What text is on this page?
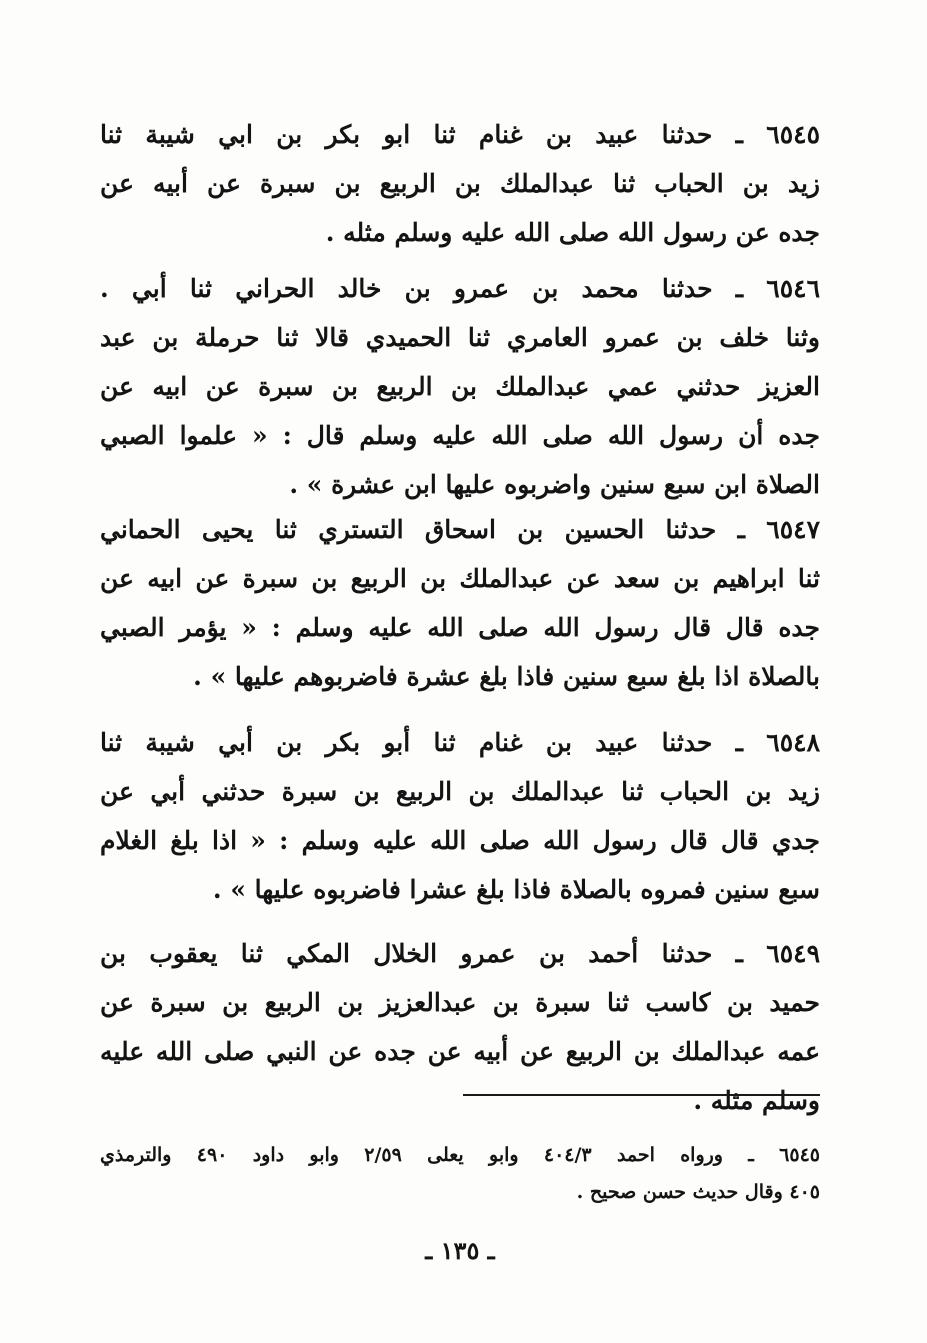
٦٥٤٥ ـ حدثنا عبيد بن غنام ثنا ابو بكر بن ابي شيبة ثنا
زيد بن الحباب ثنا عبدالملك بن الربيع بن سبرة عن أبيه عن
جده عن رسول الله صلى الله عليه وسلم مثله .
٦٥٤٦ ـ حدثنا محمد بن عمرو بن خالد الحراني ثنا أبي .
وثنا خلف بن عمرو العامري ثنا الحميدي قالا ثنا حرملة بن عبد
العزيز حدثني عمي عبدالملك بن الربيع بن سبرة عن ابيه عن
جده أن رسول الله صلى الله عليه وسلم قال : « علموا الصبي
الصلاة ابن سبع سنين واضربوه عليها ابن عشرة » .
٦٥٤٧ ـ حدثنا الحسين بن اسحاق التستري ثنا يحيى الحماني
ثنا ابراهيم بن سعد عن عبدالملك بن الربيع بن سبرة عن ابيه عن
جده قال قال رسول الله صلى الله عليه وسلم : « يؤمر الصبي
بالصلاة اذا بلغ سبع سنين فاذا بلغ عشرة فاضربوهم عليها » .
٦٥٤٨ ـ حدثنا عبيد بن غنام ثنا أبو بكر بن أبي شيبة ثنا
زيد بن الحباب ثنا عبدالملك بن الربيع بن سبرة حدثني أبي عن
جدي قال قال رسول الله صلى الله عليه وسلم : « اذا بلغ الغلام
سبع سنين فمروه بالصلاة فاذا بلغ عشرا فاضربوه عليها » .
٦٥٤٩ ـ حدثنا أحمد بن عمرو الخلال المكي ثنا يعقوب بن
حميد بن كاسب ثنا سبرة بن عبدالعزيز بن الربيع بن سبرة عن
عمه عبدالملك بن الربيع عن أبيه عن جده عن النبي صلى الله عليه
وسلم مثله .
٦٥٤٥ ـ ورواه احمد ٤٠٤/٣ وابو يعلى ٢/٥٩ وابو داود ٤٩٠ والترمذي
٤٠٥ وقال حديث حسن صحيح .
ـ ١٣٥ ـ
